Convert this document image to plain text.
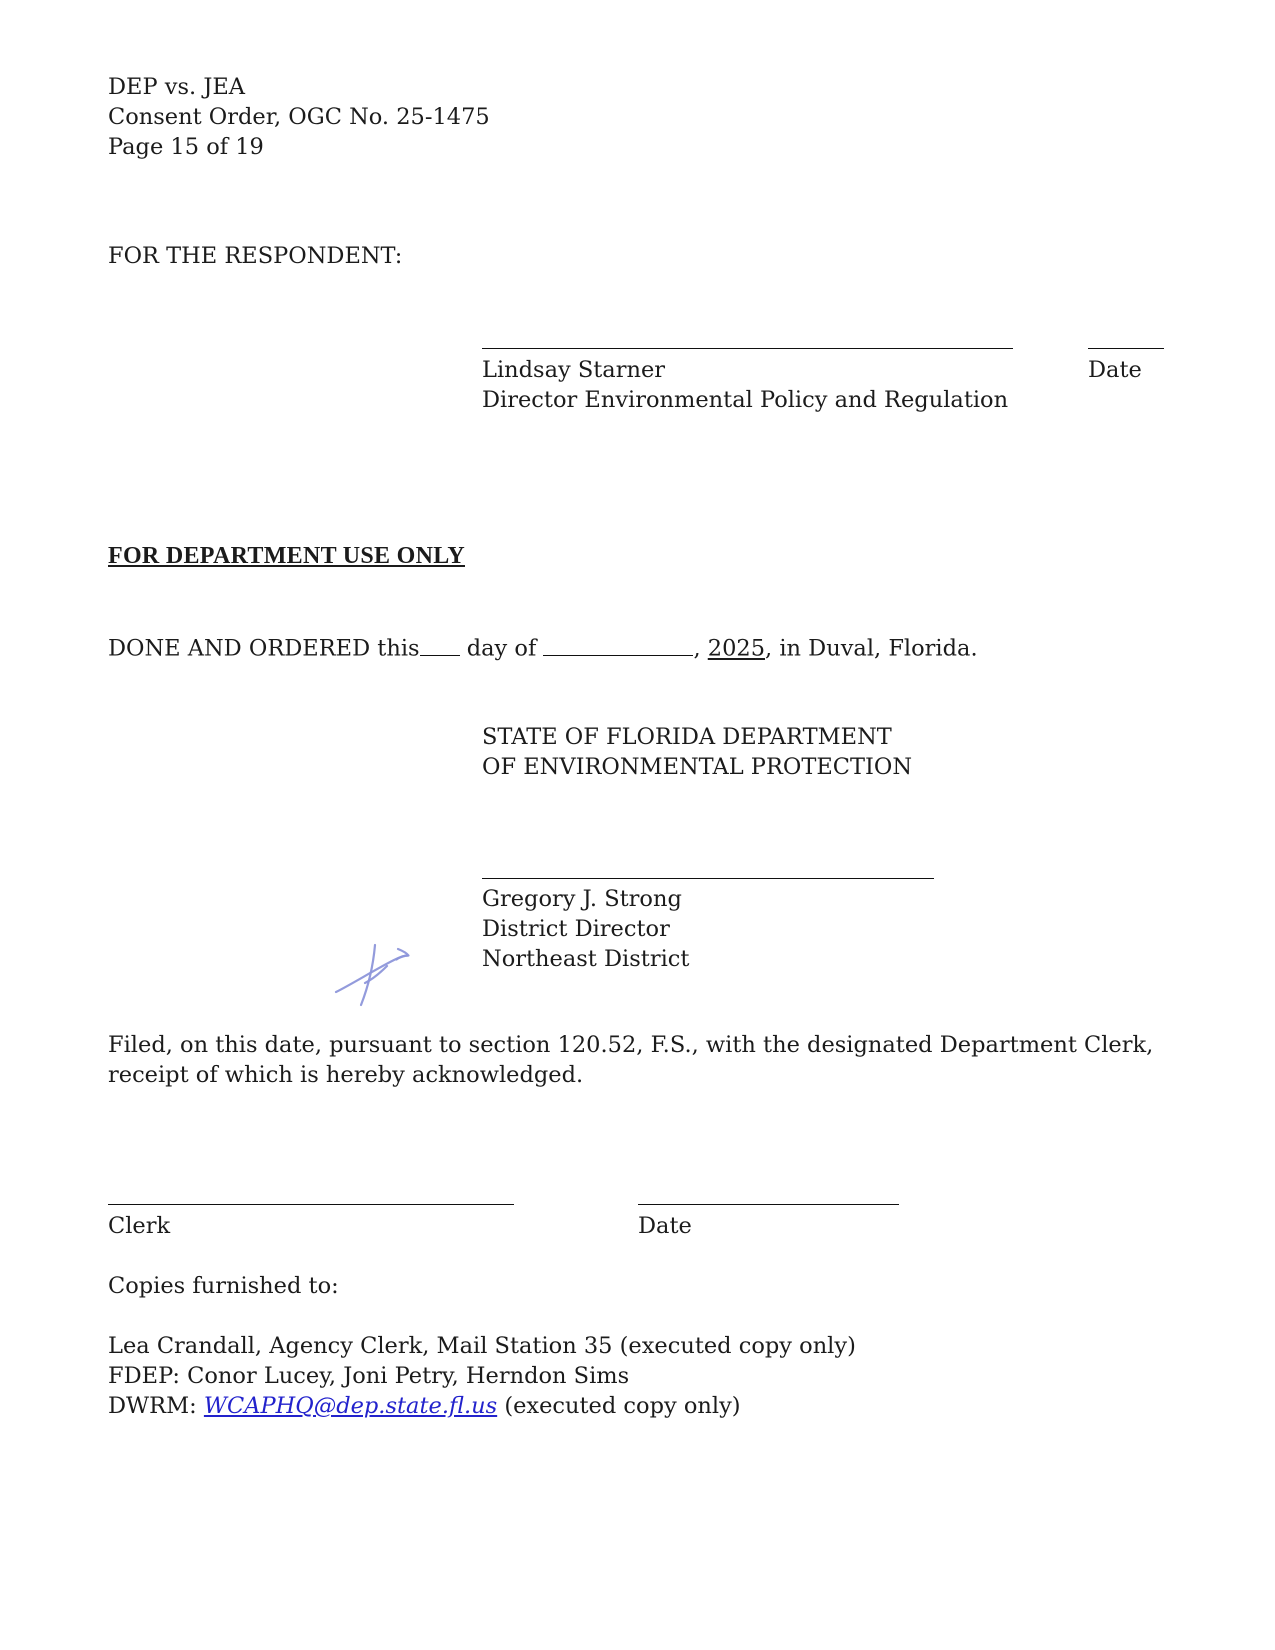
DEP vs. JEA
Consent Order, OGC No. 25-1475
Page 15 of 19
FOR THE RESPONDENT:
Lindsay Starner
Director Environmental Policy and Regulation
Date
FOR DEPARTMENT USE ONLY
DONE AND ORDERED this day of	, 2025, in Duval, Florida.
STATE OF FLORIDA DEPARTMENT
OF ENVIRONMENTAL PROTECTION
Gregory J. Strong
District Director
Northeast District
Filed, on this date, pursuant to section 120.52, F.S., with the designated Department Clerk,
receipt of which is hereby acknowledged.
Clerk	Date
Copies furnished to:
Lea Crandall, Agency Clerk, Mail Station 35 (executed copy only)
FDEP: Conor Lucey, Joni Petry, Herndon Sims
DWRM: WCAPHQ@dep.state.fl.us (executed copy only)
